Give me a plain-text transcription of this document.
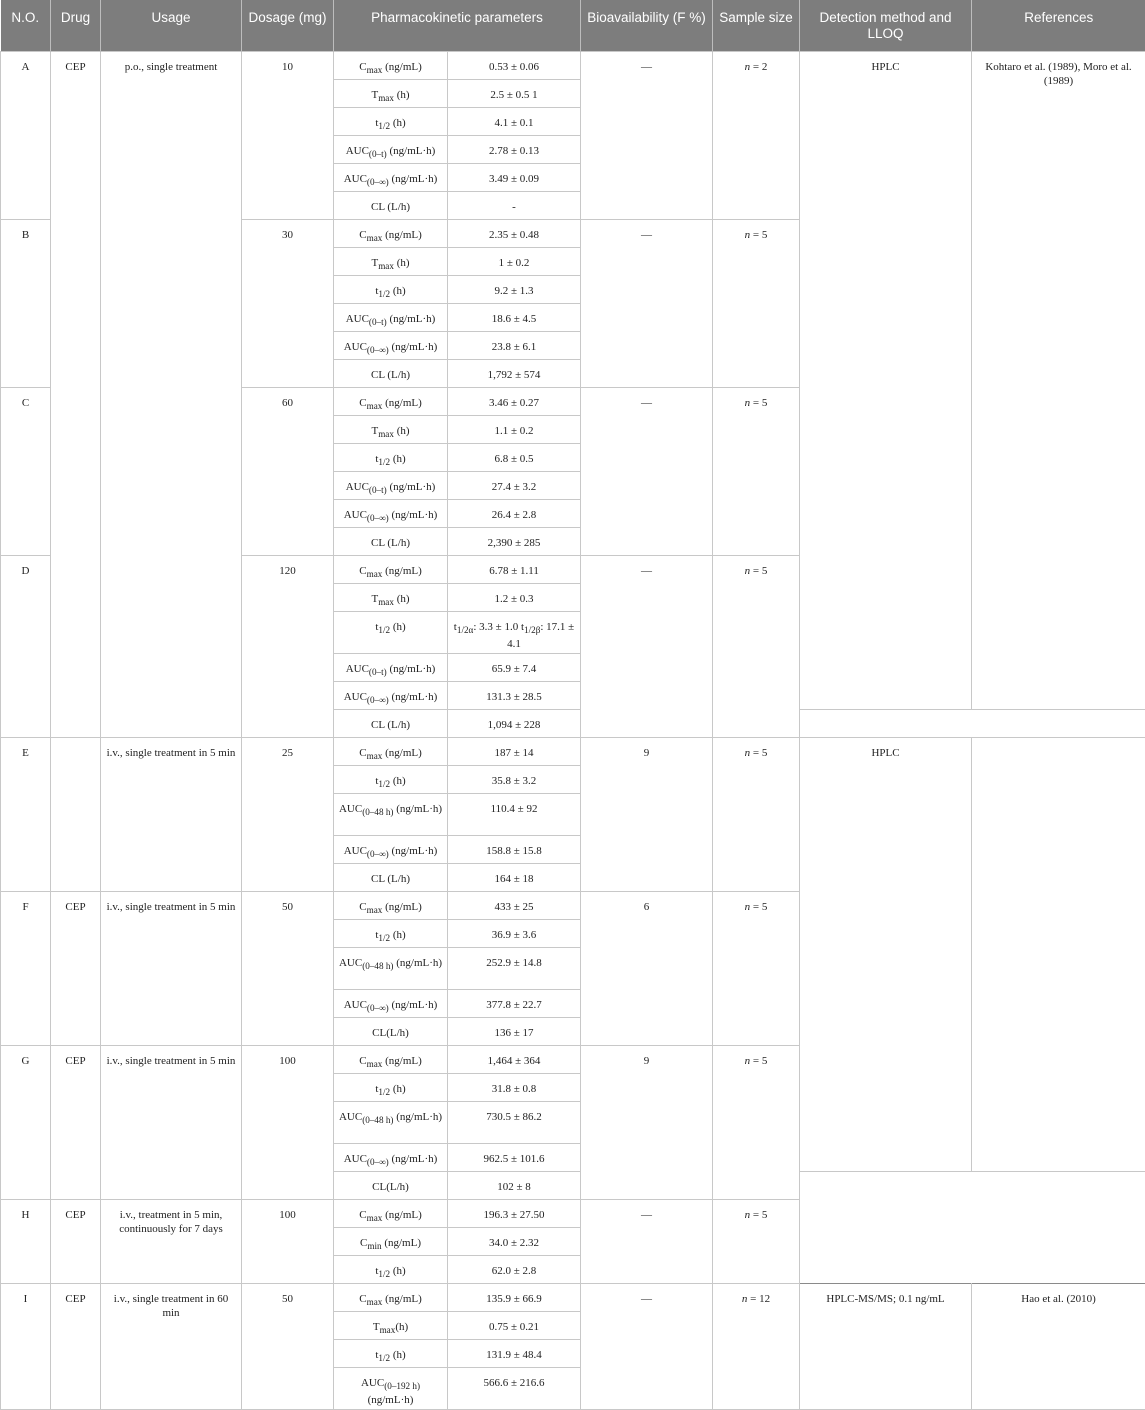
N.O.	Drug	Usage	Dosage (mg)	Pharmacokinetic parameters		Bioavailability (F %)	Sample size	Detection method and LLOQ	References
A	CEP	p.o., single treatment	10	$C_{max}$ (ng/mL)	0.53 ± 0.06	—	n = 2	HPLC	Kohtaro et al. (1989), Moro et al. (1989)
				$T_{max}$ (h)	2.5 ± 0.5 1				
				$t_{1/2}$ (h)	4.1 ± 0.1				
				$AUC_{(0-t)}$ (ng/mL·h)	2.78 ± 0.13				
				$AUC_{(0-\infty)}$ (ng/mL·h)	3.49 ± 0.09				
				CL (L/h)	-				
B			30	$C_{max}$ (ng/mL)	2.35 ± 0.48	—	n = 5		
				$T_{max}$ (h)	1 ± 0.2				
				$t_{1/2}$ (h)	9.2 ± 1.3				
				$AUC_{(0-t)}$ (ng/mL·h)	18.6 ± 4.5				
				$AUC_{(0-\infty)}$ (ng/mL·h)	23.8 ± 6.1				
				CL (L/h)	1,792 ± 574				
C			60	$C_{max}$ (ng/mL)	3.46 ± 0.27	—	n = 5		
				$T_{max}$ (h)	1.1 ± 0.2				
				$t_{1/2}$ (h)	6.8 ± 0.5				
				$AUC_{(0-t)}$ (ng/mL·h)	27.4 ± 3.2				
				$AUC_{(0-\infty)}$ (ng/mL·h)	26.4 ± 2.8				
				CL (L/h)	2,390 ± 285				
D			120	$C_{max}$ (ng/mL)	6.78 ± 1.11	—	n = 5		
				$T_{max}$ (h)	1.2 ± 0.3				
				$t_{1/2}$ (h)	$t_{1/2\alpha}$: 3.3 ± 1.0 $t_{1/2\beta}$: 17.1 ± 4.1				
				$AUC_{(0-t)}$ (ng/mL·h)	65.9 ± 7.4				
				$AUC_{(0-\infty)}$ (ng/mL·h)	131.3 ± 28.5				
				CL (L/h)	1,094 ± 228				
E		i.v., single treatment in 5 min	25	$C_{max}$ (ng/mL)	187 ± 14	9	n = 5	HPLC	
				$t_{1/2}$ (h)	35.8 ± 3.2				
				$AUC_{(0-48 h)}$ (ng/mL·h)	110.4 ± 92				
				$AUC_{(0-\infty)}$ (ng/mL·h)	158.8 ± 15.8				
				CL (L/h)	164 ± 18				
F	CEP	i.v., single treatment in 5 min	50	$C_{max}$ (ng/mL)	433 ± 25	6	n = 5		
				$t_{1/2}$ (h)	36.9 ± 3.6				
				$AUC_{(0-48 h)}$ (ng/mL·h)	252.9 ± 14.8				
				$AUC_{(0-\infty)}$ (ng/mL·h)	377.8 ± 22.7				
				CL(L/h)	136 ± 17				
G	CEP	i.v., single treatment in 5 min	100	$C_{max}$ (ng/mL)	1,464 ± 364	9	n = 5		
				$t_{1/2}$ (h)	31.8 ± 0.8				
				$AUC_{(0-48 h)}$ (ng/mL·h)	730.5 ± 86.2				
				$AUC_{(0-\infty)}$ (ng/mL·h)	962.5 ± 101.6				
				CL(L/h)	102 ± 8				
H	CEP	i.v., treatment in 5 min, continuously for 7 days	100	$C_{max}$ (ng/mL)	196.3 ± 27.50	—	n = 5		
				$C_{min}$ (ng/mL)	34.0 ± 2.32				
				$t_{1/2}$ (h)	62.0 ± 2.8				
I	CEP	i.v., single treatment in 60 min	50	$C_{max}$ (ng/mL)	135.9 ± 66.9	—	n = 12	HPLC-MS/MS; 0.1 ng/mL	Hao et al. (2010)
				$T_{max}(h)$	0.75 ± 0.21				
				$t_{1/2}$ (h)	131.9 ± 48.4				
				$AUC_{(0-192 h)}$ (ng/mL·h)	566.6 ± 216.6				
